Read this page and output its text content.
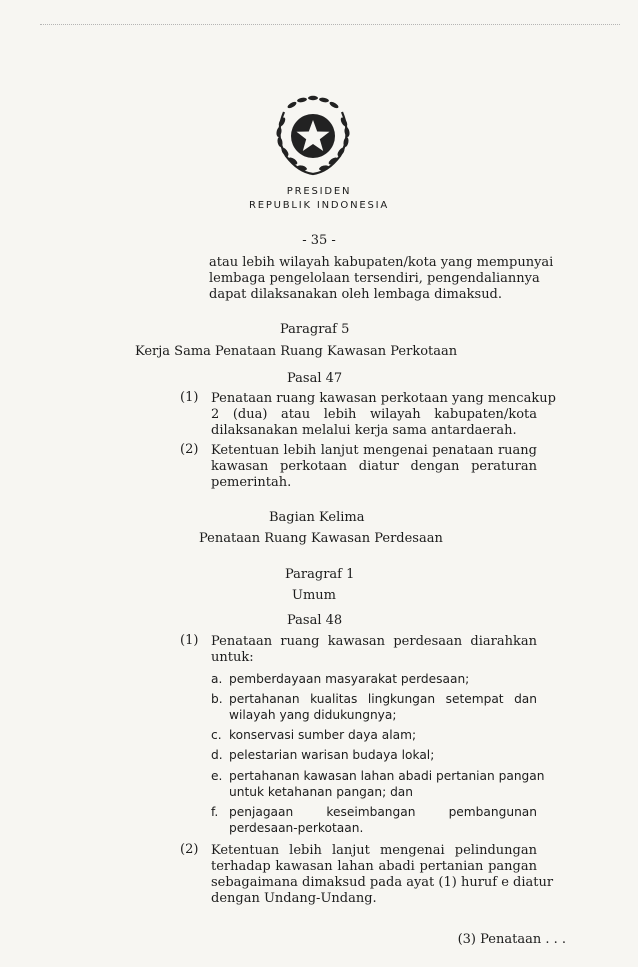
PRESIDEN
REPUBLIK INDONESIA
- 35 -
atau lebih wilayah kabupaten/kota yang mempunyai
lembaga pengelolaan tersendiri, pengendaliannya
dapat dilaksanakan oleh lembaga dimaksud.
Paragraf 5
Kerja Sama Penataan Ruang Kawasan Perkotaan
Pasal 47
(1) Penataan ruang kawasan perkotaan yang mencakup
2 (dua) atau lebih wilayah kabupaten/kota
dilaksanakan melalui kerja sama antardaerah.
(2) Ketentuan lebih lanjut mengenai penataan ruang
kawasan perkotaan diatur dengan peraturan
pemerintah.
Bagian Kelima
Penataan Ruang Kawasan Perdesaan
Paragraf 1
Umum
Pasal 48
(1) Penataan ruang kawasan perdesaan diarahkan
untuk:
a. pemberdayaan masyarakat perdesaan;
b. pertahanan kualitas lingkungan setempat dan
wilayah yang didukungnya;
c. konservasi sumber daya alam;
d. pelestarian warisan budaya lokal;
e. pertahanan kawasan lahan abadi pertanian pangan
untuk ketahanan pangan; dan
f. penjagaan keseimbangan pembangunan
perdesaan-perkotaan.
(2) Ketentuan lebih lanjut mengenai pelindungan
terhadap kawasan lahan abadi pertanian pangan
sebagaimana dimaksud pada ayat (1) huruf e diatur
dengan Undang-Undang.
(3) Penataan . . .
